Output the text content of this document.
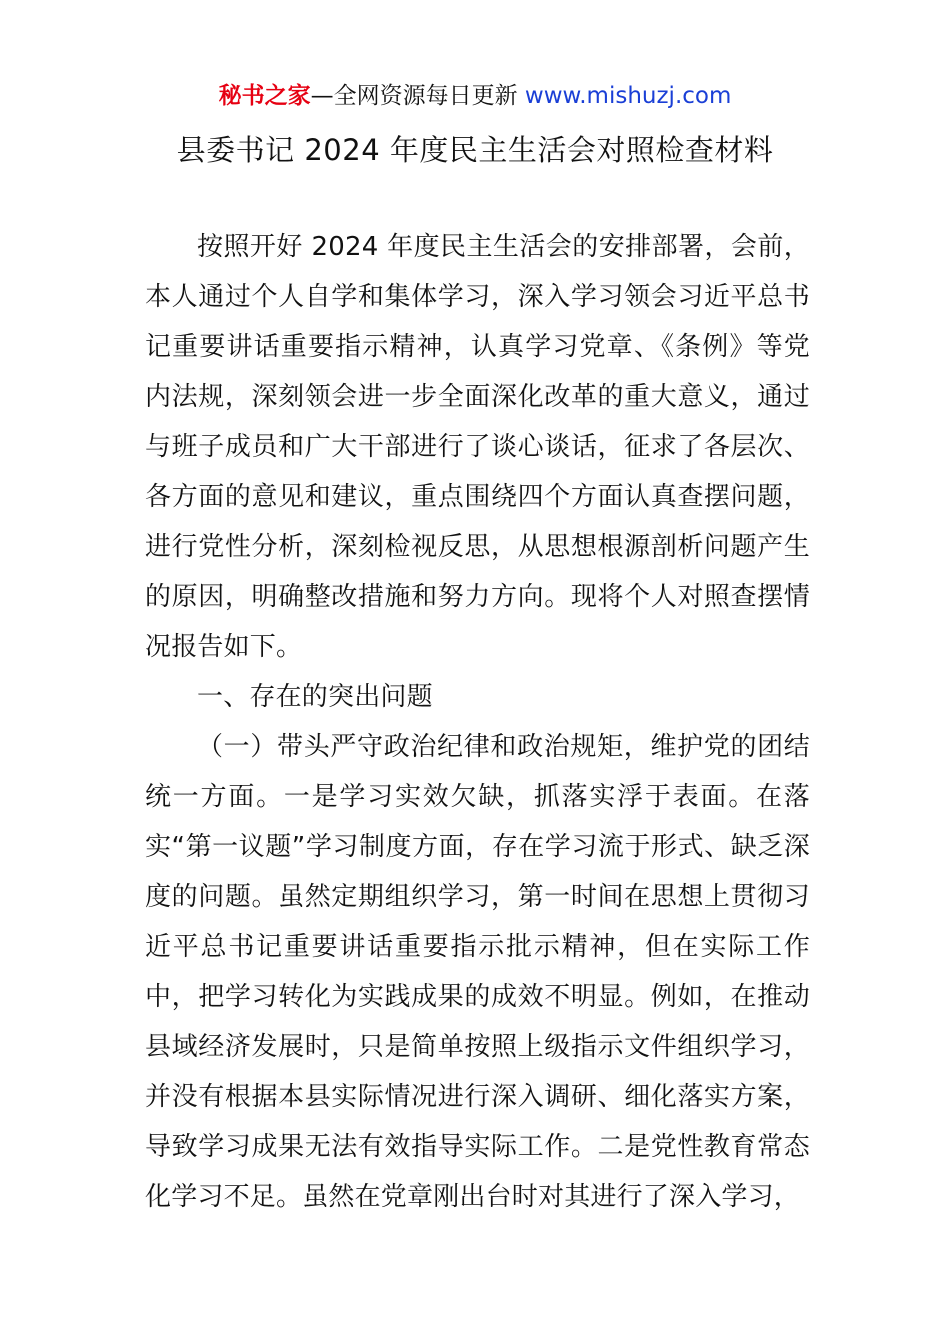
秘书之家—全网资源每日更新 www.mishuzj.com
县委书记 2024 年度民主生活会对照检查材料

按照开好 2024 年度民主生活会的安排部署，会前，本人通过个人自学和集体学习，深入学习领会习近平总书记重要讲话重要指示精神，认真学习党章、《条例》等党内法规，深刻领会进一步全面深化改革的重大意义，通过与班子成员和广大干部进行了谈心谈话，征求了各层次、各方面的意见和建议，重点围绕四个方面认真查摆问题，进行党性分析，深刻检视反思，从思想根源剖析问题产生的原因，明确整改措施和努力方向。现将个人对照查摆情况报告如下。

一、存在的突出问题

（一）带头严守政治纪律和政治规矩，维护党的团结统一方面。一是学习实效欠缺，抓落实浮于表面。在落实“第一议题”学习制度方面，存在学习流于形式、缺乏深度的问题。虽然定期组织学习，第一时间在思想上贯彻习近平总书记重要讲话重要指示批示精神，但在实际工作中，把学习转化为实践成果的成效不明显。例如，在推动县域经济发展时，只是简单按照上级指示文件组织学习，并没有根据本县实际情况进行深入调研、细化落实方案，导致学习成果无法有效指导实际工作。二是党性教育常态化学习不足。虽然在党章刚出台时对其进行了深入学习，
